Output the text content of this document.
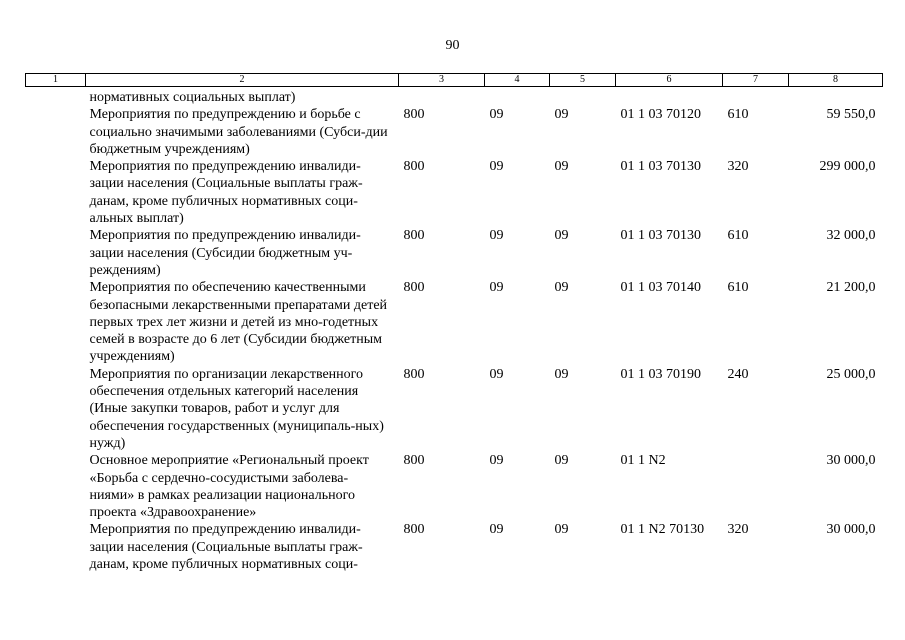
90
1	2	3	4	5	6	7	8
	нормативных социальных выплат)						
	Мероприятия по предупреждению и борьбе с социально значимыми заболеваниями (Субси-дии бюджетным учреждениям)	800	09	09	01 1 03 70120	610	59 550,0
	Мероприятия по предупреждению инвалиди-зации населения (Социальные выплаты граж-данам, кроме публичных нормативных соци-альных выплат)	800	09	09	01 1 03 70130	320	299 000,0
	Мероприятия по предупреждению инвалиди-зации населения (Субсидии бюджетным уч-реждениям)	800	09	09	01 1 03 70130	610	32 000,0
	Мероприятия по обеспечению качественными безопасными лекарственными препаратами детей первых трех лет жизни и детей из мно-годетных семей в возрасте до 6 лет (Субсидии бюджетным учреждениям)	800	09	09	01 1 03 70140	610	21 200,0
	Мероприятия по организации лекарственного обеспечения отдельных категорий населения (Иные закупки товаров, работ и услуг для обеспечения государственных (муниципаль-ных) нужд)	800	09	09	01 1 03 70190	240	25 000,0
	Основное мероприятие «Региональный проект «Борьба с сердечно-сосудистыми заболева-ниями» в рамках реализации национального проекта «Здравоохранение»	800	09	09	01 1 N2		30 000,0
	Мероприятия по предупреждению инвалиди-зации населения (Социальные выплаты граж-данам, кроме публичных нормативных соци-	800	09	09	01 1 N2 70130	320	30 000,0
